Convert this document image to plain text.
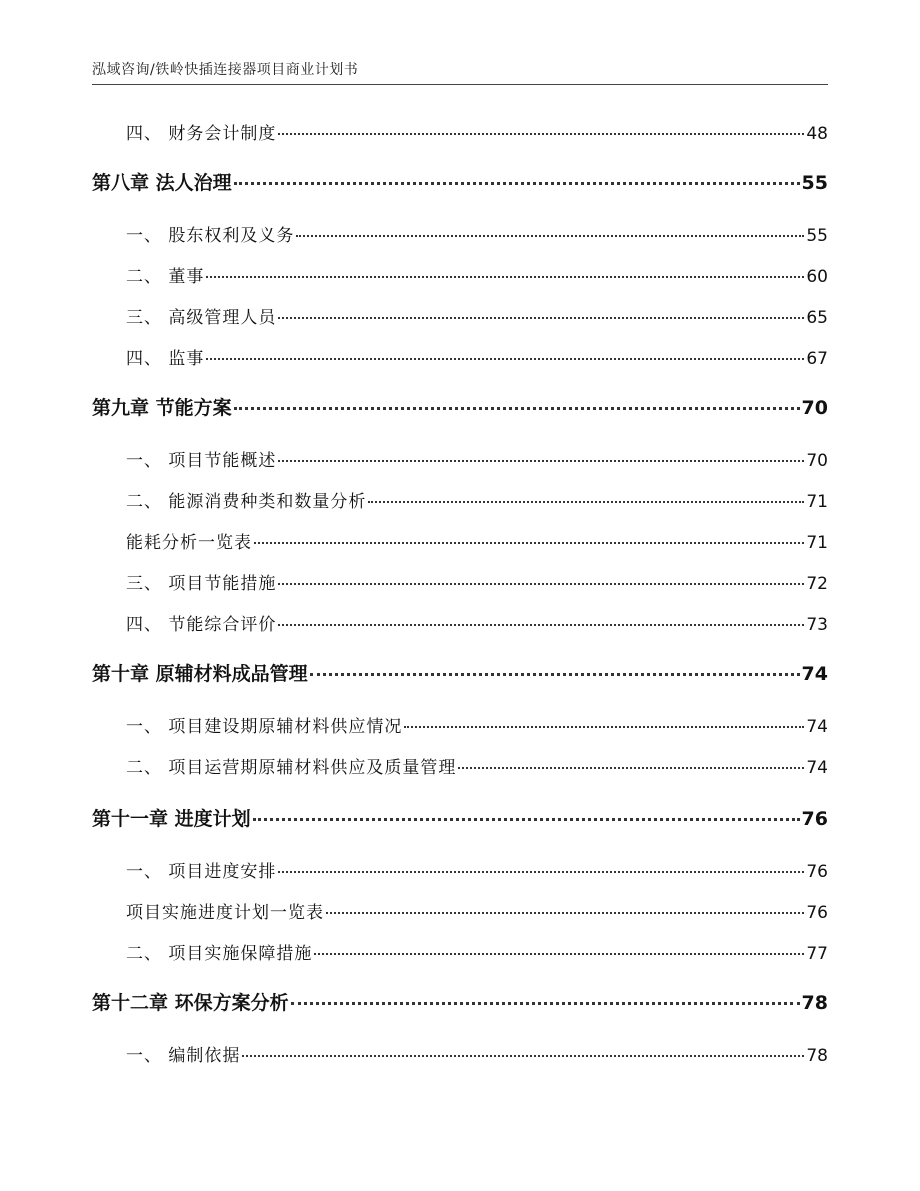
泓域咨询/铁岭快插连接器项目商业计划书
四、 财务会计制度	48
第八章 法人治理	55
一、 股东权利及义务	55
二、 董事	60
三、 高级管理人员	65
四、 监事	67
第九章 节能方案	70
一、 项目节能概述	70
二、 能源消费种类和数量分析	71
能耗分析一览表	71
三、 项目节能措施	72
四、 节能综合评价	73
第十章 原辅材料成品管理	74
一、 项目建设期原辅材料供应情况	74
二、 项目运营期原辅材料供应及质量管理	74
第十一章 进度计划	76
一、 项目进度安排	76
项目实施进度计划一览表	76
二、 项目实施保障措施	77
第十二章 环保方案分析	78
一、 编制依据	78
